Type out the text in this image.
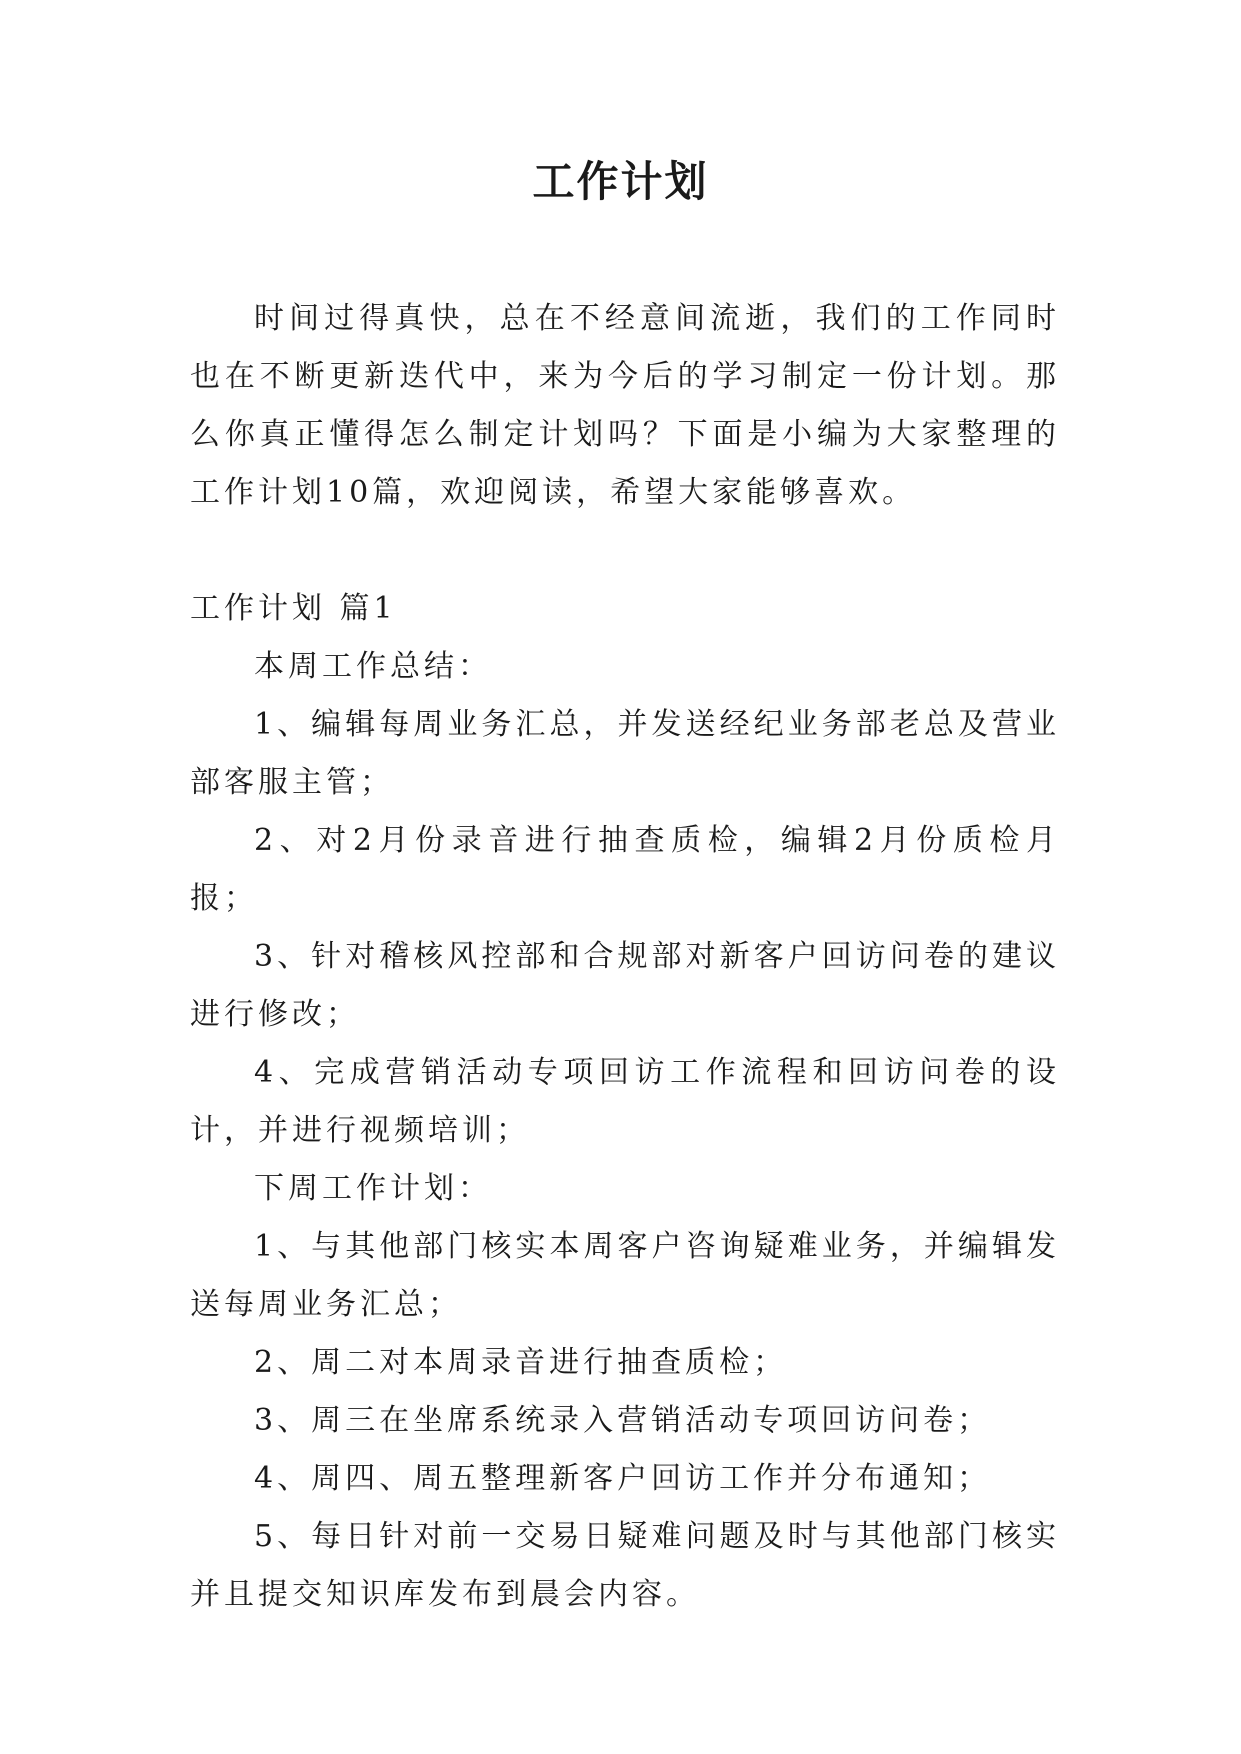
工作计划

时间过得真快，总在不经意间流逝，我们的工作同时也在不断更新迭代中，来为今后的学习制定一份计划。那么你真正懂得怎么制定计划吗？下面是小编为大家整理的工作计划10篇，欢迎阅读，希望大家能够喜欢。

工作计划 篇1

本周工作总结：

1、编辑每周业务汇总，并发送经纪业务部老总及营业部客服主管；

2、对2月份录音进行抽查质检，编辑2月份质检月报；

3、针对稽核风控部和合规部对新客户回访问卷的建议进行修改；

4、完成营销活动专项回访工作流程和回访问卷的设计，并进行视频培训；

下周工作计划：

1、与其他部门核实本周客户咨询疑难业务，并编辑发送每周业务汇总；

2、周二对本周录音进行抽查质检；

3、周三在坐席系统录入营销活动专项回访问卷；

4、周四、周五整理新客户回访工作并分布通知；

5、每日针对前一交易日疑难问题及时与其他部门核实并且提交知识库发布到晨会内容。
